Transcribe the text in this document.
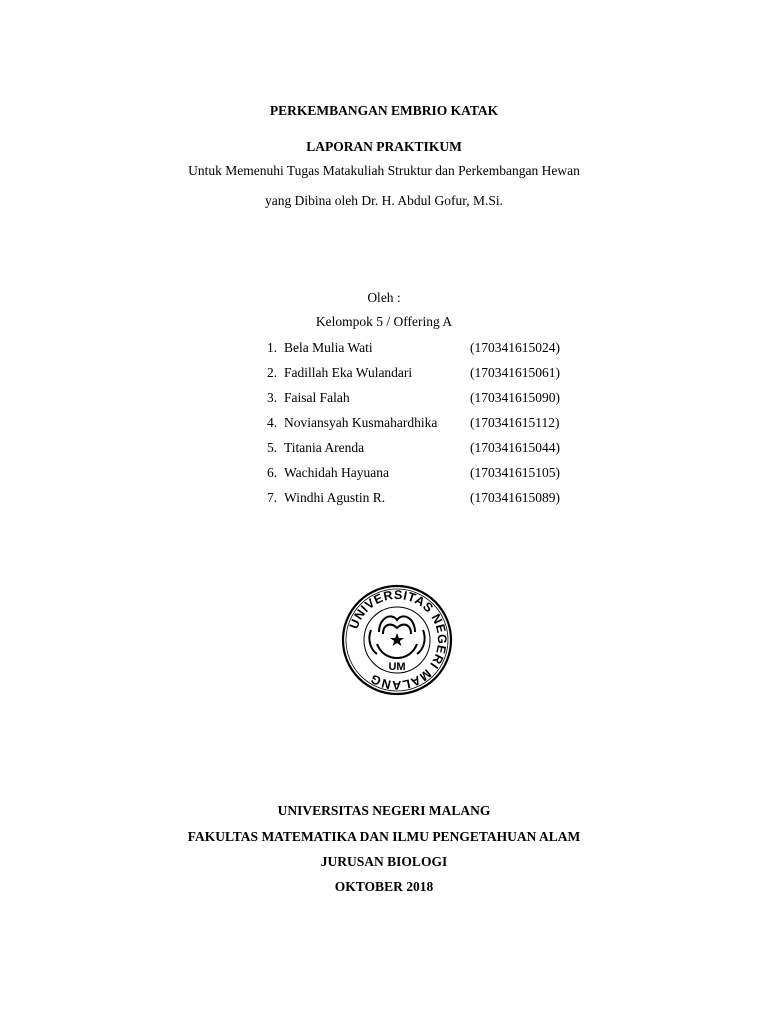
PERKEMBANGAN EMBRIO KATAK
LAPORAN PRAKTIKUM
Untuk Memenuhi Tugas Matakuliah Struktur dan Perkembangan Hewan
yang Dibina oleh Dr. H. Abdul Gofur, M.Si.
Oleh :
Kelompok 5 / Offering A
1. Bela Mulia Wati	(170341615024)
2. Fadillah Eka Wulandari	(170341615061)
3. Faisal Falah	(170341615090)
4. Noviansyah Kusmahardhika (170341615112)
5. Titania Arenda	(170341615044)
6. Wachidah Hayuana	(170341615105)
7. Windhi Agustin R.	(170341615089)
UNIVERSITAS NEGERI MALANG
UM
UNIVERSITAS NEGERI MALANG
FAKULTAS MATEMATIKA DAN ILMU PENGETAHUAN ALAM
JURUSAN BIOLOGI
OKTOBER 2018
